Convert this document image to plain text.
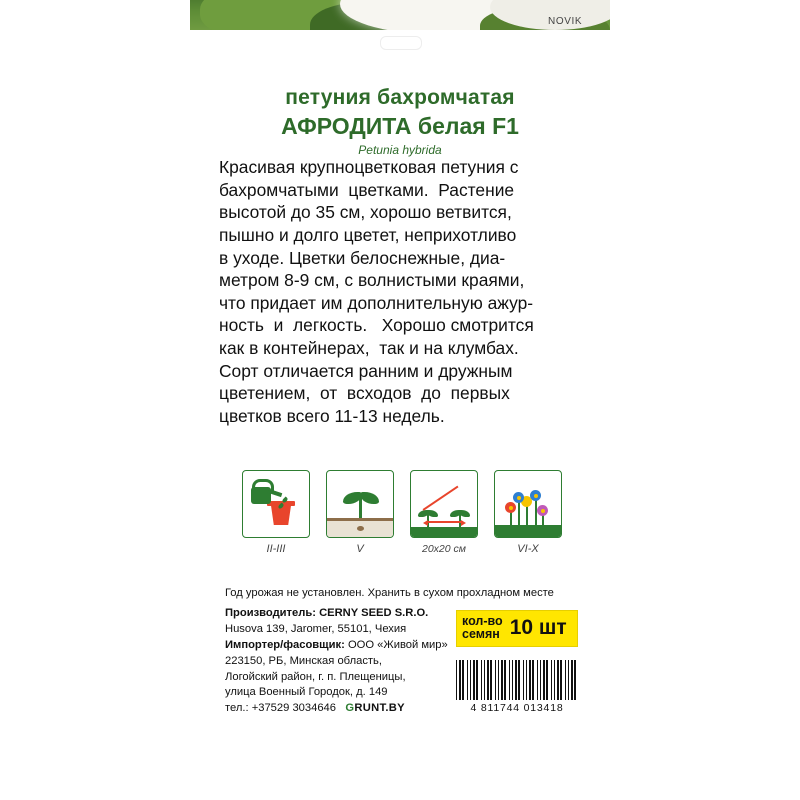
NOVIK
петуния бахромчатая
АФРОДИТА белая F1
Petunia hybrida
Красивая крупноцветковая петуния с
бахромчатыми  цветками.  Растение
высотой до 35 см, хорошо ветвится,
пышно и долго цветет, неприхотливо
в уходе. Цветки белоснежные, диа-
метром 8-9 см, с волнистыми краями,
что придает им дополнительную ажур-
ность  и  легкость.   Хорошо смотрится
как в контейнерах,  так и на клумбах.
Сорт отличается ранним и дружным
цветением,  от  всходов  до  первых
цветков всего 11-13 недель.
II-III	V	20x20 см	VI-X
Год урожая не установлен. Хранить в сухом прохладном месте
Производитель: CERNY SEED S.R.O.
Husova 139, Jaromer, 55101, Чехия
Импортер/фасовщик: ООО «Живой мир»
223150, РБ, Минская область,
Логойский район, г. п. Плещеницы,
улица Военный Городок, д. 149
тел.: +37529 3034646 GRUNT.BY
кол-во
семян 10 шт
4 811744 013418
